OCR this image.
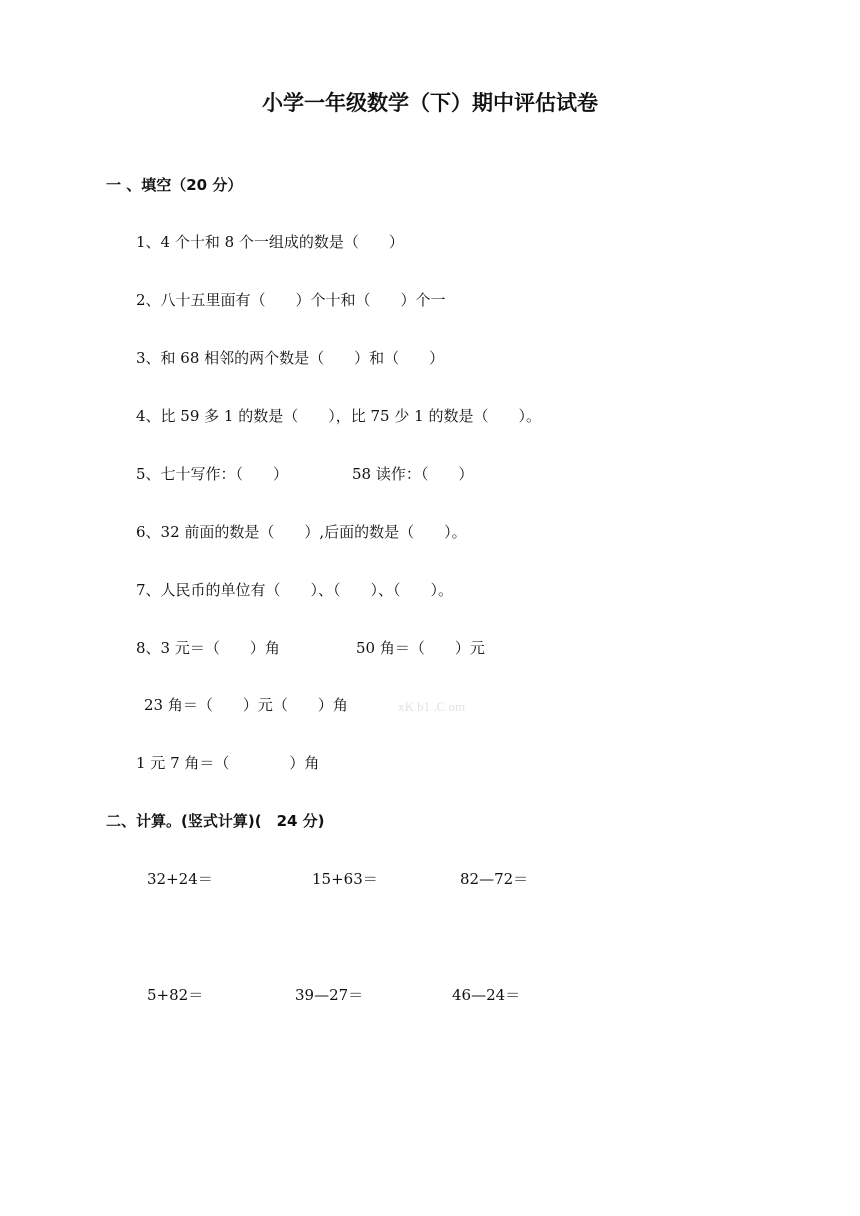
小学一年级数学（下）期中评估试卷
一 、填空（20 分）
1、4 个十和 8 个一组成的数是（　　）
2、八十五里面有（　　）个十和（　　）个一
3、和 68 相邻的两个数是（　　）和（　　）
4、比 59 多 1 的数是（　　），比 75 少 1 的数是（　　）。
5、七十写作：（　　）	58 读作：（　　）
6、32 前面的数是（　　）,后面的数是（　　）。
7、人民币的单位有（　　）、（　　）、（　　）。
8、3 元＝（　　）角	50 角＝（　　）元
23 角＝（　　）元（　　）角	xK b1 .C om
1 元 7 角＝（　　　　）角
二、计算。(竖式计算)(　24 分)
32+24＝	15+63＝	82—72＝
5+82＝	39—27＝	46—24＝
